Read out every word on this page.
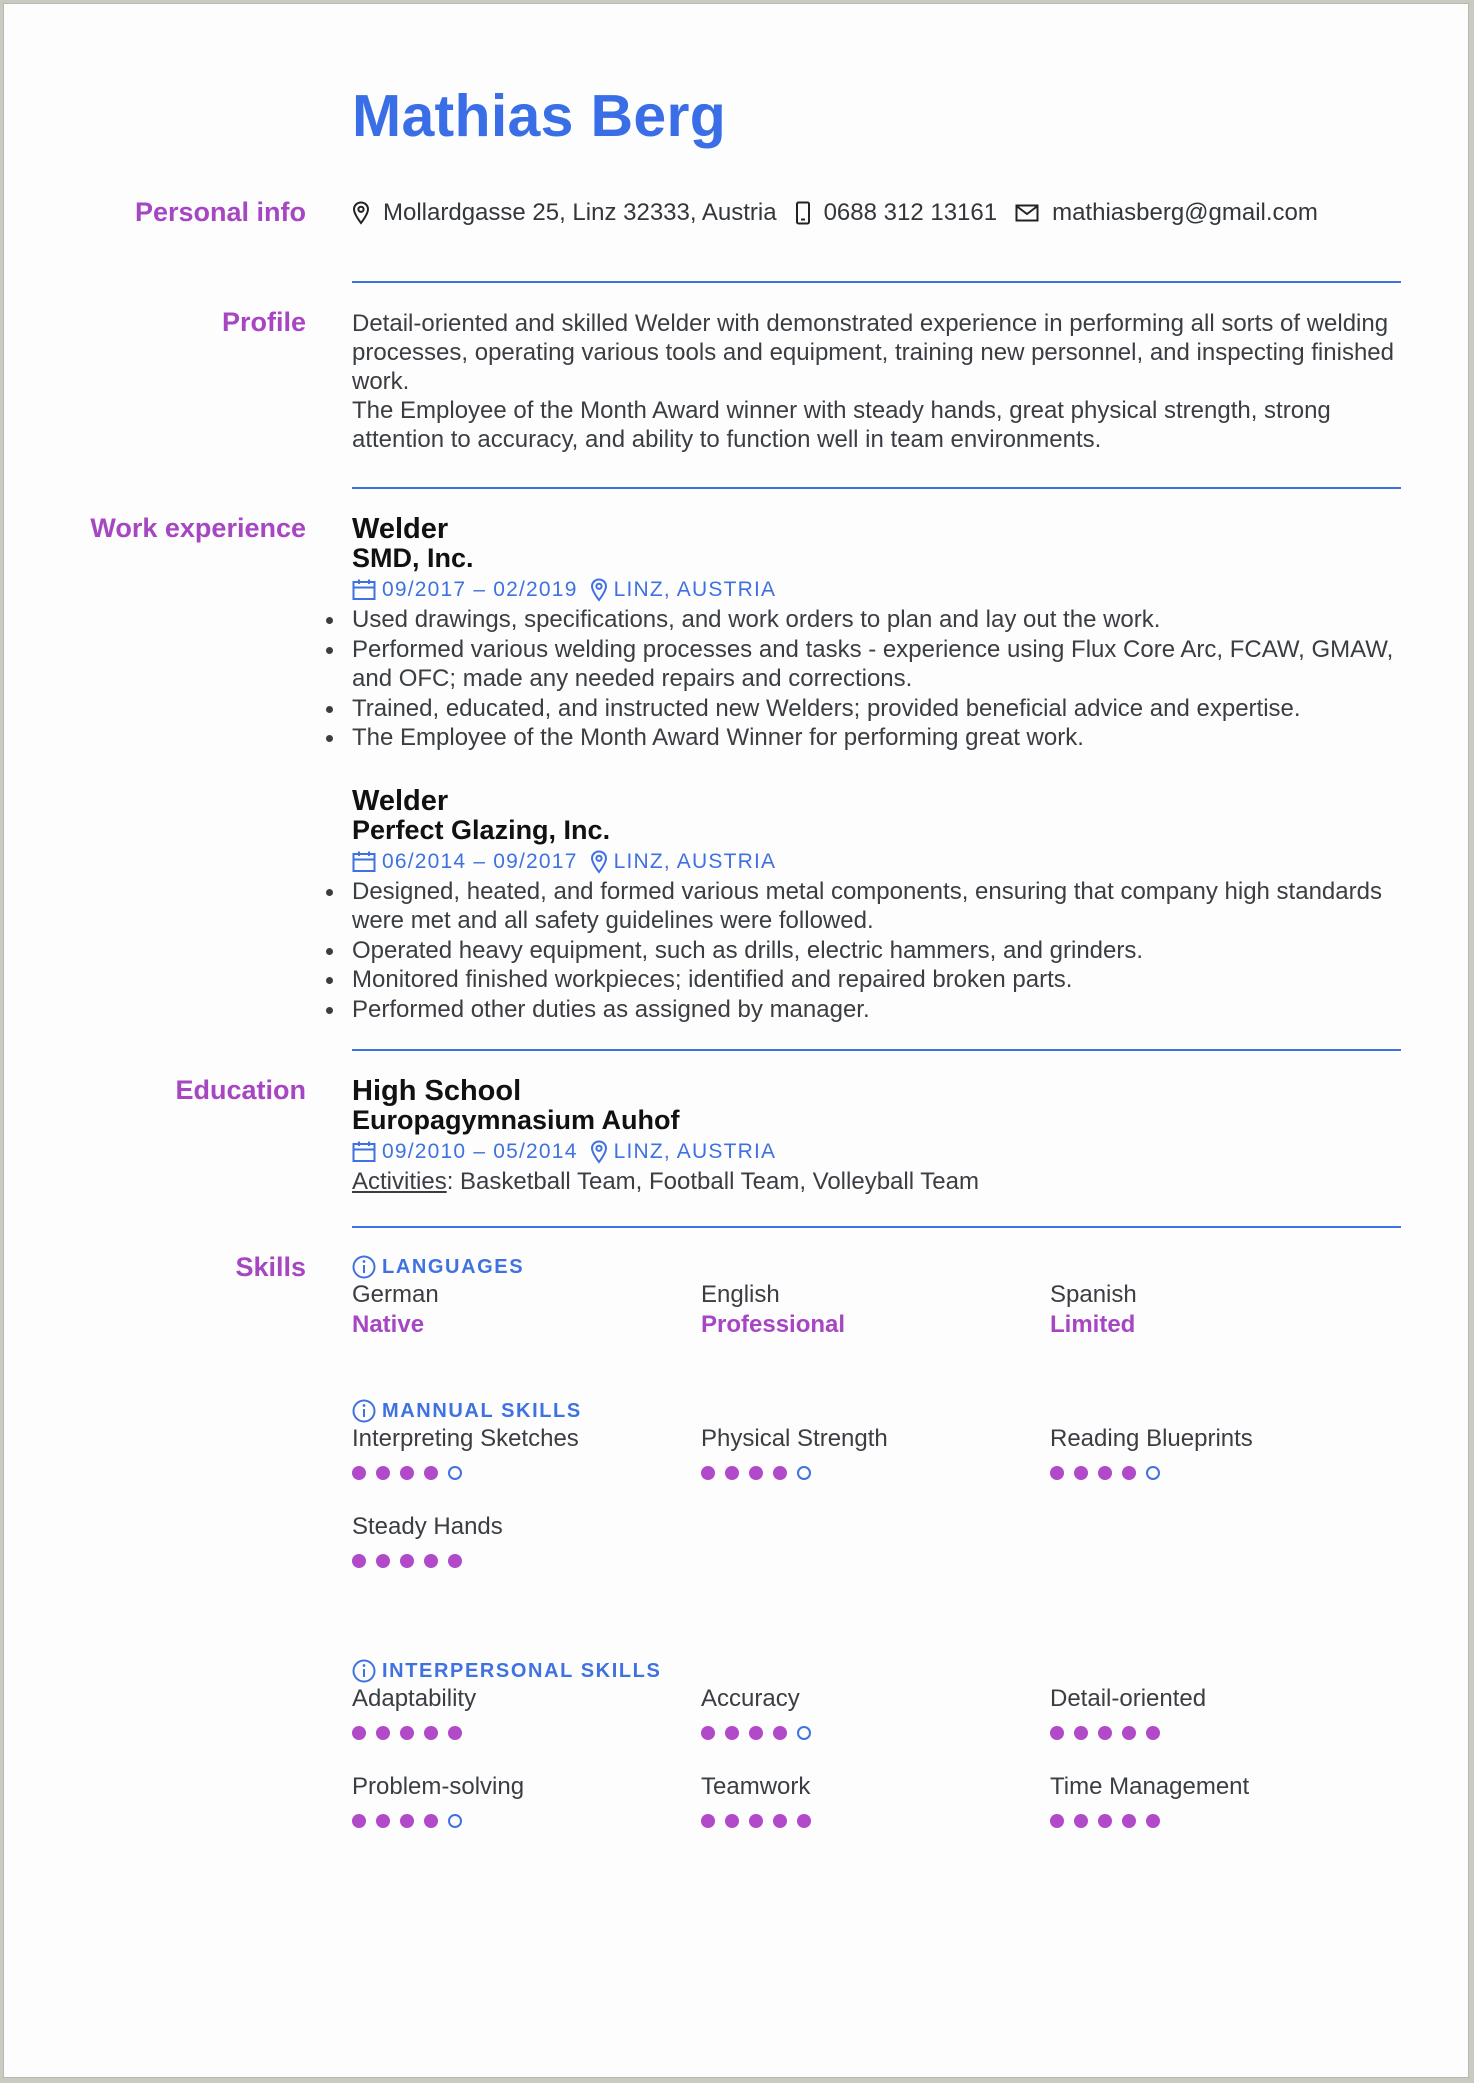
Mathias Berg
Personal info	Mollardgasse 25, Linz 32333, Austria 0688 312 13161 mathiasberg@gmail.com
Profile Detail-oriented and skilled Welder with demonstrated experience in performing all sorts of welding processes, operating various tools and equipment, training new personnel, and inspecting finished work.

The Employee of the Month Award winner with steady hands, great physical strength, strong attention to accuracy, and ability to function well in team environments.

Work experience Welder
SMD, Inc.
09/2017 – 02/2019 LINZ, AUSTRIA
Used drawings, specifications, and work orders to plan and lay out the work.
Performed various welding processes and tasks - experience using Flux Core Arc, FCAW, GMAW, and OFC; made any needed repairs and corrections.
Trained, educated, and instructed new Welders; provided beneficial advice and expertise.
The Employee of the Month Award Winner for performing great work.
Welder
Perfect Glazing, Inc.
06/2014 – 09/2017 LINZ, AUSTRIA
Designed, heated, and formed various metal components, ensuring that company high standards were met and all safety guidelines were followed.
Operated heavy equipment, such as drills, electric hammers, and grinders.
Monitored finished workpieces; identified and repaired broken parts.
Performed other duties as assigned by manager.
Education High School
Europagymnasium Auhof
09/2010 – 05/2014 LINZ, AUSTRIA
Activities: Basketball Team, Football Team, Volleyball Team
Skills	LANGUAGES
German
Native
English
Professional
Spanish
Limited
MANNUAL SKILLS
Interpreting Sketches	Physical Strength	Reading Blueprints
Steady Hands
INTERPERSONAL SKILLS
Adaptability	Accuracy	Detail-oriented
Problem-solving	Teamwork	Time Management
